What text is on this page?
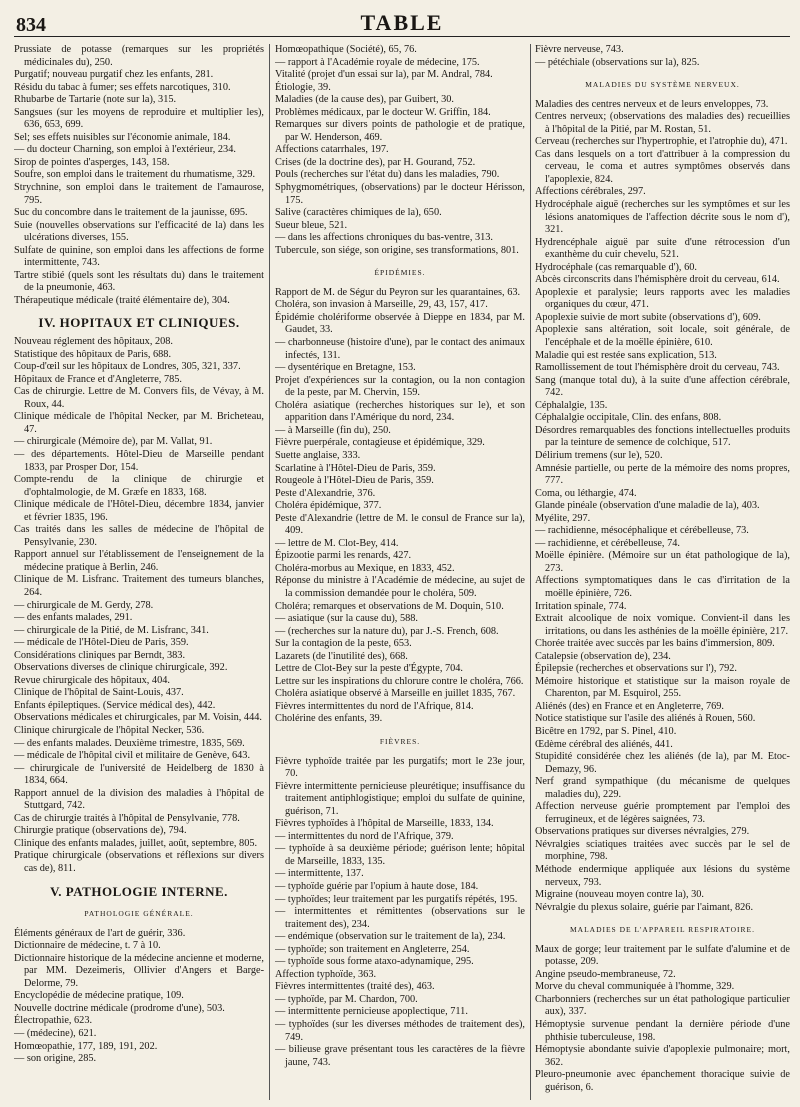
834	TABLE

Prussiate de potasse (remarques sur les propriétés médicinales du), 250.

Purgatif; nouveau purgatif chez les enfants, 281.

Résidu du tabac à fumer; ses effets narcotiques, 310.

Rhubarbe de Tartarie (note sur la), 315.

Sangsues (sur les moyens de reproduire et multiplier les), 636, 653, 699.

Sel; ses effets nuisibles sur l'économie animale, 184.

— du docteur Charning, son emploi à l'extérieur, 234.

Sirop de pointes d'asperges, 143, 158.

Soufre, son emploi dans le traitement du rhumatisme, 329.

Strychnine, son emploi dans le traitement de l'amaurose, 795.

Suc du concombre dans le traitement de la jaunisse, 695.

Suie (nouvelles observations sur l'efficacité de la) dans les ulcérations diverses, 155.

Sulfate de quinine, son emploi dans les affections de forme intermittente, 743.

Tartre stibié (quels sont les résultats du) dans le traitement de la pneumonie, 463.

Thérapeutique médicale (traité élémentaire de), 304.

IV. HOPITAUX ET CLINIQUES.

Nouveau réglement des hôpitaux, 208.

Statistique des hôpitaux de Paris, 688.

Coup-d'œil sur les hôpitaux de Londres, 305, 321, 337.

Hôpitaux de France et d'Angleterre, 785.

Cas de chirurgie. Lettre de M. Convers fils, de Vévay, à M. Roux, 44.

Clinique médicale de l'hôpital Necker, par M. Bricheteau, 47.

— chirurgicale (Mémoire de), par M. Vallat, 91.

— des départements. Hôtel-Dieu de Marseille pendant 1833, par Prosper Dor, 154.

Compte-rendu de la clinique de chirurgie et d'ophtalmologie, de M. Græfe en 1833, 168.

Clinique médicale de l'Hôtel-Dieu, décembre 1834, janvier et février 1835, 196.

Cas traités dans les salles de médecine de l'hôpital de Pensylvanie, 230.

Rapport annuel sur l'établissement de l'enseignement de la médecine pratique à Berlin, 246.

Clinique de M. Lisfranc. Traitement des tumeurs blanches, 264.

— chirurgicale de M. Gerdy, 278.

— des enfants malades, 291.

— chirurgicale de la Pitié, de M. Lisfranc, 341.

— médicale de l'Hôtel-Dieu de Paris, 359.

Considérations cliniques par Berndt, 383.

Observations diverses de clinique chirurgicale, 392.

Revue chirurgicale des hôpitaux, 404.

Clinique de l'hôpital de Saint-Louis, 437.

Enfants épileptiques. (Service médical des), 442.

Observations médicales et chirurgicales, par M. Voisin, 444.

Clinique chirurgicale de l'hôpital Necker, 536.

— des enfants malades. Deuxième trimestre, 1835, 569.

— médicale de l'hôpital civil et militaire de Genève, 643.

— chirurgicale de l'université de Heidelberg de 1830 à 1834, 664.

Rapport annuel de la division des maladies à l'hôpital de Stuttgard, 742.

Cas de chirurgie traités à l'hôpital de Pensylvanie, 778.

Chirurgie pratique (observations de), 794.

Clinique des enfants malades, juillet, août, septembre, 805.

Pratique chirurgicale (observations et réflexions sur divers cas de), 811.

V. PATHOLOGIE INTERNE.
PATHOLOGIE GÉNÉRALE.

Éléments généraux de l'art de guérir, 336.

Dictionnaire de médecine, t. 7 à 10.

Dictionnaire historique de la médecine ancienne et moderne, par MM. Dezeimeris, Ollivier d'Angers et Barge-Delorme, 79.

Encyclopédie de médecine pratique, 109.

Nouvelle doctrine médicale (prodrome d'une), 503.

Électropathie, 623.

— (médecine), 621.

Homœopathie, 177, 189, 191, 202.

— son origine, 285.

Homœopathique (Société), 65, 76.

— rapport à l'Académie royale de médecine, 175.

Vitalité (projet d'un essai sur la), par M. Andral, 784.

Étiologie, 39.

Maladies (de la cause des), par Guibert, 30.

Problèmes médicaux, par le docteur W. Griffin, 184.

Remarques sur divers points de pathologie et de pratique, par W. Henderson, 469.

Affections catarrhales, 197.

Crises (de la doctrine des), par H. Gourand, 752.

Pouls (recherches sur l'état du) dans les maladies, 790.

Sphygmométriques, (observations) par le docteur Hérisson, 175.

Salive (caractères chimiques de la), 650.

Sueur bleue, 521.

— dans les affections chroniques du bas-ventre, 313.

Tubercule, son siége, son origine, ses transformations, 801.

ÉPIDÉMIES.

Rapport de M. de Ségur du Peyron sur les quarantaines, 63.

Choléra, son invasion à Marseille, 29, 43, 157, 417.

Épidémie cholériforme observée à Dieppe en 1834, par M. Gaudet, 33.

— charbonneuse (histoire d'une), par le contact des animaux infectés, 131.

— dysentérique en Bretagne, 153.

Projet d'expériences sur la contagion, ou la non contagion de la peste, par M. Chervin, 159.

Choléra asiatique (recherches historiques sur le), et son apparition dans l'Amérique du nord, 234.

— à Marseille (fin du), 250.

Fièvre puerpérale, contagieuse et épidémique, 329.

Suette anglaise, 333.

Scarlatine à l'Hôtel-Dieu de Paris, 359.

Rougeole à l'Hôtel-Dieu de Paris, 359.

Peste d'Alexandrie, 376.

Choléra épidémique, 377.

Peste d'Alexandrie (lettre de M. le consul de France sur la), 409.

— lettre de M. Clot-Bey, 414.

Épizootie parmi les renards, 427.

Choléra-morbus au Mexique, en 1833, 452.

Réponse du ministre à l'Académie de médecine, au sujet de la commission demandée pour le choléra, 509.

Choléra; remarques et observations de M. Doquin, 510.

— asiatique (sur la cause du), 588.

— (recherches sur la nature du), par J.-S. French, 608.

Sur la contagion de la peste, 653.

Lazarets (de l'inutilité des), 668.

Lettre de Clot-Bey sur la peste d'Égypte, 704.

Lettre sur les inspirations du chlorure contre le choléra, 766.

Choléra asiatique observé à Marseille en juillet 1835, 767.

Fièvres intermittentes du nord de l'Afrique, 814.

Cholérine des enfants, 39.

FIÈVRES.

Fièvre typhoïde traitée par les purgatifs; mort le 23e jour, 70.

Fièvre intermittente pernicieuse pleurétique; insuffisance du traitement antiphlogistique; emploi du sulfate de quinine, guérison, 71.

Fièvres typhoïdes à l'hôpital de Marseille, 1833, 134.

— intermittentes du nord de l'Afrique, 379.

— typhoïde à sa deuxième période; guérison lente; hôpital de Marseille, 1833, 135.

— intermittente, 137.

— typhoïde guérie par l'opium à haute dose, 184.

— typhoïdes; leur traitement par les purgatifs répétés, 195.

— intermittentes et rémittentes (observations sur le traitement des), 234.

— endémique (observation sur le traitement de la), 234.

— typhoïde; son traitement en Angleterre, 254.

— typhoïde sous forme ataxo-adynamique, 295.

Affection typhoïde, 363.

Fièvres intermittentes (traité des), 463.

— typhoïde, par M. Chardon, 700.

— intermittente pernicieuse apoplectique, 711.

— typhoïdes (sur les diverses méthodes de traitement des), 749.

— bilieuse grave présentant tous les caractères de la fièvre jaune, 743.

Fièvre nerveuse, 743.

— pétéchiale (observations sur la), 825.

MALADIES DU SYSTÈME NERVEUX.

Maladies des centres nerveux et de leurs enveloppes, 73.

Centres nerveux; (observations des maladies des) recueillies à l'hôpital de la Pitié, par M. Rostan, 51.

Cerveau (recherches sur l'hypertrophie, et l'atrophie du), 471.

Cas dans lesquels on a tort d'attribuer à la compression du cerveau, le coma et autres symptômes observés dans l'apoplexie, 824.

Affections cérébrales, 297.

Hydrocéphale aiguë (recherches sur les symptômes et sur les lésions anatomiques de l'affection décrite sous le nom d'), 321.

Hydrencéphale aiguë par suite d'une rétrocession d'un exanthème du cuir chevelu, 521.

Hydrocéphale (cas remarquable d'), 60.

Abcès circonscrits dans l'hémisphère droit du cerveau, 614.

Apoplexie et paralysie; leurs rapports avec les maladies organiques du cœur, 471.

Apoplexie suivie de mort subite (observations d'), 609.

Apoplexie sans altération, soit locale, soit générale, de l'encéphale et de la moëlle épinière, 610.

Maladie qui est restée sans explication, 513.

Ramollissement de tout l'hémisphère droit du cerveau, 743.

Sang (manque total du), à la suite d'une affection cérébrale, 742.

Céphalalgie, 135.

Céphalalgie occipitale, Clin. des enfans, 808.

Désordres remarquables des fonctions intellectuelles produits par la teinture de semence de colchique, 517.

Délirium tremens (sur le), 520.

Amnésie partielle, ou perte de la mémoire des noms propres, 777.

Coma, ou léthargie, 474.

Glande pinéale (observation d'une maladie de la), 403.

Myélite, 297.

— rachidienne, mésocéphalique et cérébelleuse, 73.

— rachidienne, et cérébelleuse, 74.

Moëlle épinière. (Mémoire sur un état pathologique de la), 273.

Affections symptomatiques dans le cas d'irritation de la moëlle épinière, 726.

Irritation spinale, 774.

Extrait alcoolique de noix vomique. Convient-il dans les irritations, ou dans les asthénies de la moëlle épinière, 217.

Chorée traitée avec succès par les bains d'immersion, 809.

Catalepsie (observation de), 234.

Épilepsie (recherches et observations sur l'), 792.

Mémoire historique et statistique sur la maison royale de Charenton, par M. Esquirol, 255.

Aliénés (des) en France et en Angleterre, 769.

Notice statistique sur l'asile des aliénés à Rouen, 560.

Bicêtre en 1792, par S. Pinel, 410.

Œdème cérébral des aliénés, 441.

Stupidité considérée chez les aliénés (de la), par M. Etoc-Demazy, 96.

Nerf grand sympathique (du mécanisme de quelques maladies du), 229.

Affection nerveuse guérie promptement par l'emploi des ferrugineux, et de légères saignées, 73.

Observations pratiques sur diverses névralgies, 279.

Névralgies sciatiques traitées avec succès par le sel de morphine, 798.

Méthode endermique appliquée aux lésions du système nerveux, 793.

Migraine (nouveau moyen contre la), 30.

Névralgie du plexus solaire, guérie par l'aimant, 826.

MALADIES DE L'APPAREIL RESPIRATOIRE.

Maux de gorge; leur traitement par le sulfate d'alumine et de potasse, 209.

Angine pseudo-membraneuse, 72.

Morve du cheval communiquée à l'homme, 329.

Charbonniers (recherches sur un état pathologique particulier aux), 337.

Hémoptysie survenue pendant la dernière période d'une phthisie tuberculeuse, 198.

Hémoptysie abondante suivie d'apoplexie pulmonaire; mort, 362.

Pleuro-pneumonie avec épanchement thoracique suivie de guérison, 6.
